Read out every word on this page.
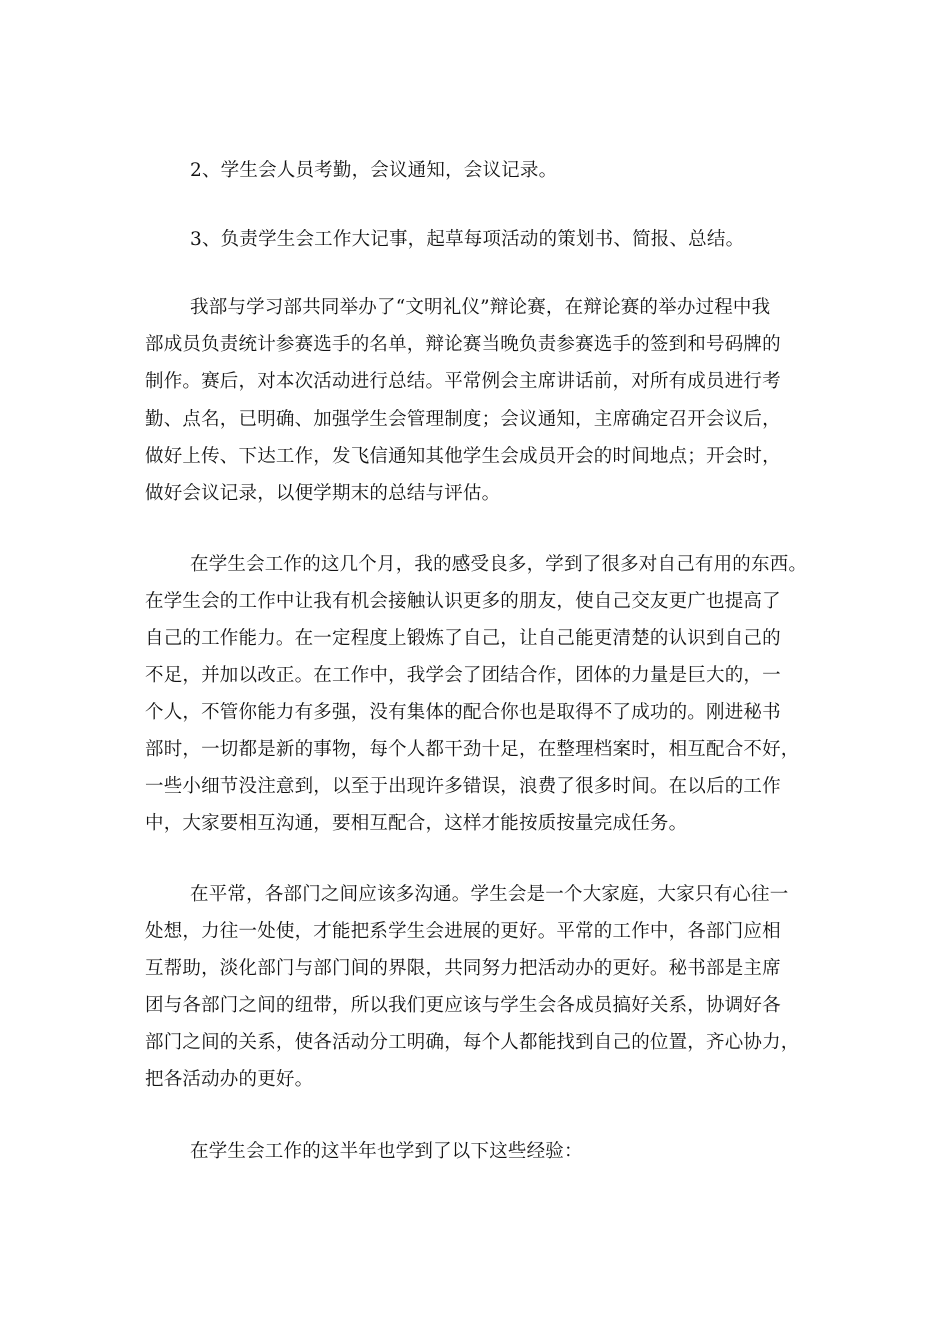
2、学生会人员考勤，会议通知，会议记录。
3、负责学生会工作大记事，起草每项活动的策划书、简报、总结。
我部与学习部共同举办了“文明礼仪”辩论赛，在辩论赛的举办过程中我
部成员负责统计参赛选手的名单，辩论赛当晚负责参赛选手的签到和号码牌的
制作。赛后，对本次活动进行总结。平常例会主席讲话前，对所有成员进行考
勤、点名，已明确、加强学生会管理制度；会议通知，主席确定召开会议后，
做好上传、下达工作，发飞信通知其他学生会成员开会的时间地点；开会时，
做好会议记录，以便学期末的总结与评估。
在学生会工作的这几个月，我的感受良多，学到了很多对自己有用的东西。
在学生会的工作中让我有机会接触认识更多的朋友，使自己交友更广也提高了
自己的工作能力。在一定程度上锻炼了自己，让自己能更清楚的认识到自己的
不足，并加以改正。在工作中，我学会了团结合作，团体的力量是巨大的，一
个人，不管你能力有多强，没有集体的配合你也是取得不了成功的。刚进秘书
部时，一切都是新的事物，每个人都干劲十足，在整理档案时，相互配合不好，
一些小细节没注意到，以至于出现许多错误，浪费了很多时间。在以后的工作
中，大家要相互沟通，要相互配合，这样才能按质按量完成任务。
在平常，各部门之间应该多沟通。学生会是一个大家庭，大家只有心往一
处想，力往一处使，才能把系学生会进展的更好。平常的工作中，各部门应相
互帮助，淡化部门与部门间的界限，共同努力把活动办的更好。秘书部是主席
团与各部门之间的纽带，所以我们更应该与学生会各成员搞好关系，协调好各
部门之间的关系，使各活动分工明确，每个人都能找到自己的位置，齐心协力，
把各活动办的更好。
在学生会工作的这半年也学到了以下这些经验：
